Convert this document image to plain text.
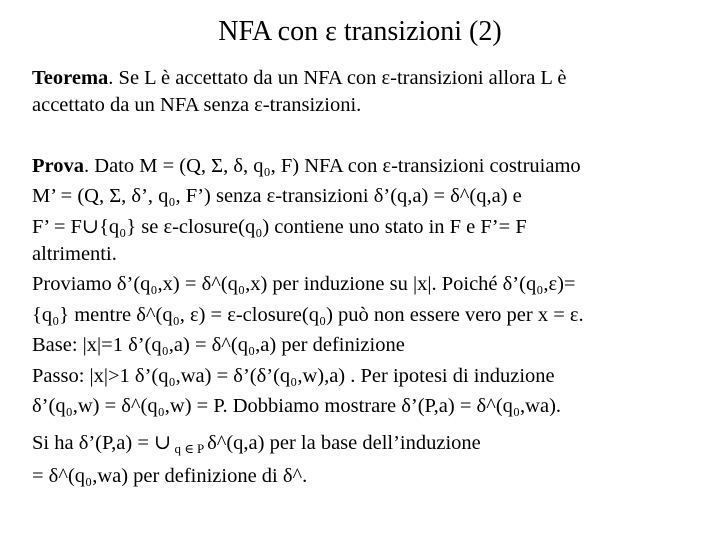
NFA con ε transizioni (2)
Teorema. Se L è accettato da un NFA con ε-transizioni allora L è
accettato da un NFA senza ε-transizioni.
Prova. Dato M = (Q, Σ, δ, q₀, F) NFA con ε-transizioni costruiamo
M’ = (Q, Σ, δ’, q₀, F’) senza ε-transizioni δ’(q,a) = δ^(q,a) e
F’ = F∪{q₀} se ε-closure(q₀) contiene uno stato in F e F’= F
altrimenti.
Proviamo δ’(q₀,x) = δ^(q₀,x) per induzione su |x|. Poiché δ’(q₀,ε)=
{q₀} mentre δ^(q₀, ε) = ε-closure(q₀) può non essere vero per x = ε.
Base: |x|=1 δ’(q₀,a) = δ^(q₀,a) per definizione
Passo: |x|>1 δ’(q₀,wa) = δ’(δ’(q₀,w),a) . Per ipotesi di induzione
δ’(q₀,w) = δ^(q₀,w) = P. Dobbiamo mostrare δ’(P,a) = δ^(q₀,wa).
Si ha δ’(P,a) = ∪ $_{q \in P}$ δ^(q,a) per la base dell’induzione
= δ^(q₀,wa) per definizione di δ^.
